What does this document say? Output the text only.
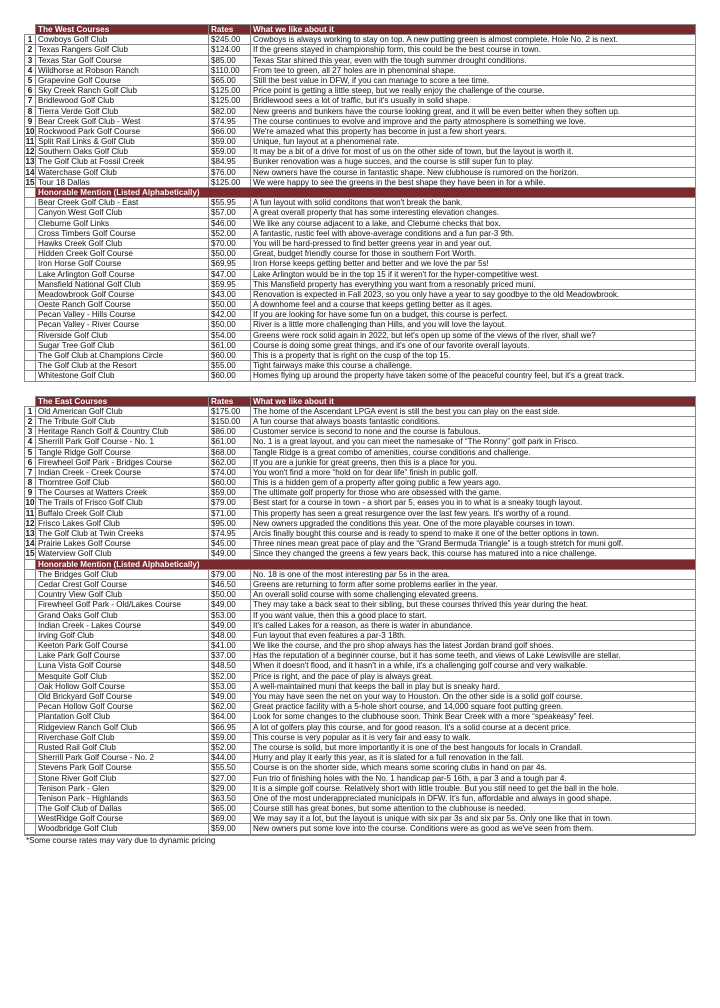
	The West Courses	Rates	What we like about it
1	Cowboys Golf Club	$245.00	Cowboys is always working to stay on top. A new putting green is almost complete. Hole No. 2 is next.
2	Texas Rangers Golf Club	$124.00	If the greens stayed in championship form, this could be the best course in town.
3	Texas Star Golf Course	$85.00	Texas Star shined this year, even with the tough summer drought conditions.
4	Wildhorse at Robson Ranch	$110.00	From tee to green, all 27 holes are in phenominal shape.
5	Grapevine Golf Course	$65.00	Still the best value in DFW, if you can manage to score a tee time.
6	Sky Creek Ranch Golf Club	$125.00	Price point is getting a little steep, but we really enjoy the challenge of the course.
7	Bridlewood Golf Club	$125.00	Bridlewood sees a lot of traffic, but it's usually in solid shape.
8	Tierra Verde Golf Club	$82.00	New greens and bunkers have the course looking great, and it will be even better when they soften up.
9	Bear Creek Golf Club - West	$74.95	The course continues to evolve and improve and the party atmosphere is something we love.
10	Rockwood Park Golf Course	$66.00	We're amazed what this property has become in just a few short years.
11	Split Rail Links & Golf Club	$59.00	Unique, fun layout at a phenomenal rate.
12	Southern Oaks Golf Club	$59.00	It may be a bit of a drive for most of us on the other side of town, but the layout is worth it.
13	The Golf Club at Fossil Creek	$84.95	Bunker renovation was a huge succes, and the course is still super fun to play.
14	Waterchase Golf Club	$76.00	New owners have the course in fantastic shape. New clubhouse is rumored on the horizon.
15	Tour 18 Dallas	$125.00	We were happy to see the greens in the best shape they have been in for a while.
	Honorable Mention (Listed Alphabetically)		
	Bear Creek Golf Club - East	$55.95	A fun layout with solid conditons that won't break the bank.
	Canyon West Golf Club	$57.00	A great overall property that has some interesting elevation changes.
	Cleburne Golf Links	$46.00	We like any course adjacent to a lake, and Cleburne checks that box.
	Cross Timbers Golf Course	$52.00	A fantastic, rustic feel with above-average conditions and a fun par-3 9th.
	Hawks Creek Golf Club	$70.00	You will be hard-pressed to find better greens year in and year out.
	Hidden Creek Golf Course	$50.00	Great, budget friendly course for those in southern Fort Worth.
	Iron Horse Golf Course	$69.95	Iron Horse keeps getting better and better and we love the par 5s!
	Lake Arlington Golf Course	$47.00	Lake Arlington would be in the top 15 if it weren't for the hyper-competitive west.
	Mansfield National Golf Club	$59.95	This Mansfield property has everything you want from a resonably priced muni.
	Meadowbrook Golf Course	$43.00	Renovation is expected in Fall 2023, so you only have a year to say goodbye to the old Meadowbrook.
	Oeste Ranch Golf Course	$50.00	A downhome feel and a course that keeps getting better as it ages.
	Pecan Valley - Hills Course	$42.00	If you are looking for have some fun on a budget, this course is perfect.
	Pecan Valley - River Course	$50.00	River is a little more challenging than Hills, and you will love the layout.
	Riverside Golf Club	$54.00	Greens were rock solid again in 2022, but let's open up some of the views of the river, shall we?
	Sugar Tree Golf Club	$61.00	Course is doing some great things, and it's one of our favorite overall layouts.
	The Golf Club at Champions Circle	$60.00	This is a property that is right on the cusp of the top 15.
	The Golf Club at the Resort	$55.00	Tight fairways make this course a challenge.
	Whitestone Golf Club	$60.00	Homes flying up around the property have taken some of the peaceful country feel, but it's a great track.
	The East Courses	Rates	What we like about it
1	Old American Golf Club	$175.00	The home of the Ascendant LPGA event is still the best you can play on the east side.
2	The Tribute Golf Club	$150.00	A fun course that always boasts fantastic conditions.
3	Heritage Ranch Golf & Country Club	$86.00	Customer service is second to none and the course is fabulous.
4	Sherrill Park Golf Course - No. 1	$61.00	No. 1 is a great layout, and you can meet the namesake of “The Ronny” golf park in Frisco.
5	Tangle Ridge Golf Course	$68.00	Tangle Ridge is a great combo of amenities, course conditions and challenge.
6	Firewheel Golf Park - Bridges Course	$62.00	If you are a junkie for great greens, then this is a place for you.
7	Indian Creek - Creek Course	$74.00	You won't find a more “hold on for dear life” finish in public golf.
8	Thorntree Golf Club	$60.00	This is a hidden gem of a property after going public a few years ago.
9	The Courses at Watters Creek	$59.00	The ultimate golf property for those who are obsessed with the game.
10	The Trails of Frisco Golf Club	$79.00	Best start for a course in town - a short par 5, eases you in to what is a sneaky tough layout.
11	Buffalo Creek Golf Club	$71.00	This property has seen a great resurgence over the last few years. It's worthy of a round.
12	Frisco Lakes Golf Club	$95.00	New owners upgraded the conditions this year. One of the more playable courses in town.
13	The Golf Club at Twin Creeks	$74.95	Arcis finally bought this course and is ready to spend to make it one of the better options in town.
14	Prairie Lakes Golf Course	$45.00	Three nines mean great pace of play and the “Grand Bermuda Triangle” is a tough stretch for muni golf.
15	Waterview Golf Club	$49.00	Since they changed the greens a few years back, this course has matured into a nice challenge.
	Honorable Mention (Listed Alphabetically)		
	The Bridges Golf Club	$79.00	No. 18 is one of the most interesting par 5s in the area.
	Cedar Crest Golf Course	$46.50	Greens are returning to form after some problems earlier in the year.
	Country View Golf Club	$50.00	An overall solid course with some challenging elevated greens.
	Firewheel Golf Park - Old/Lakes Course	$49.00	They may take a back seat to their sibling, but these courses thrived this year during the heat.
	Grand Oaks Golf Club	$53.00	If you want value, then this a good place to start.
	Indian Creek - Lakes Course	$49.00	It's called Lakes for a reason, as there is water in abundance.
	Irving Golf Club	$48.00	Fun layout that even features a par-3 18th.
	Keeton Park Golf Course	$41.00	We like the course, and the pro shop always has the latest Jordan brand golf shoes.
	Lake Park Golf Course	$37.00	Has the reputation of a beginner course, but it has some teeth, and views of Lake Lewisville are stellar.
	Luna Vista Golf Course	$48.50	When it doesn't flood, and it hasn't in a while, it's a challenging golf course and very walkable.
	Mesquite Golf Club	$52.00	Price is right, and the pace of play is always great.
	Oak Hollow Golf Course	$53.00	A well-maintained muni that keeps the ball in play but is sneaky hard.
	Old Brickyard Golf Course	$49.00	You may have seen the net on your way to Houston. On the other side is a solid golf course.
	Pecan Hollow Golf Course	$62.00	Great practice facility with a 5-hole short course, and 14,000 square foot putting green.
	Plantation Golf Club	$64.00	Look for some changes to the clubhouse soon. Think Bear Creek with a more “speakeasy” feel.
	Ridgeview Ranch Golf Club	$66.95	A lot of golfers play this course, and for good reason. It's a solid course at a decent price.
	Riverchase Golf Club	$59.00	This course is very popular as it is very fair and easy to walk.
	Rusted Rail Golf Club	$52.00	The course is solid, but more importantly it is one of the best hangouts for locals in Crandall.
	Sherrill Park Golf Course - No. 2	$44.00	Hurry and play it early this year, as it is slated for a full renovation in the fall.
	Stevens Park Golf Course	$55.50	Course is on the shorter side, which means some scoring clubs in hand on par 4s.
	Stone River Golf Club	$27.00	Fun trio of finishing holes with the No. 1 handicap par-5 16th, a par 3 and a tough par 4.
	Tenison Park - Glen	$29.00	It is a simple golf course. Relatively short with little trouble. But you still need to get the ball in the hole.
	Tenison Park - Highlands	$63.50	One of the most underappreciated municipals in DFW. It's fun, affordable and always in good shape.
	The Golf Club of Dallas	$65.00	Course still has great bones, but some attention to the clubhouse is needed.
	WestRidge Golf Course	$69.00	We may say it a lot, but the layout is unique with six par 3s and six par 5s. Only one like that in town.
	Woodbridge Golf Club	$59.00	New owners put some love into the course. Conditions were as good as we've seen from them.
*Some course rates may vary due to dynamic pricing
